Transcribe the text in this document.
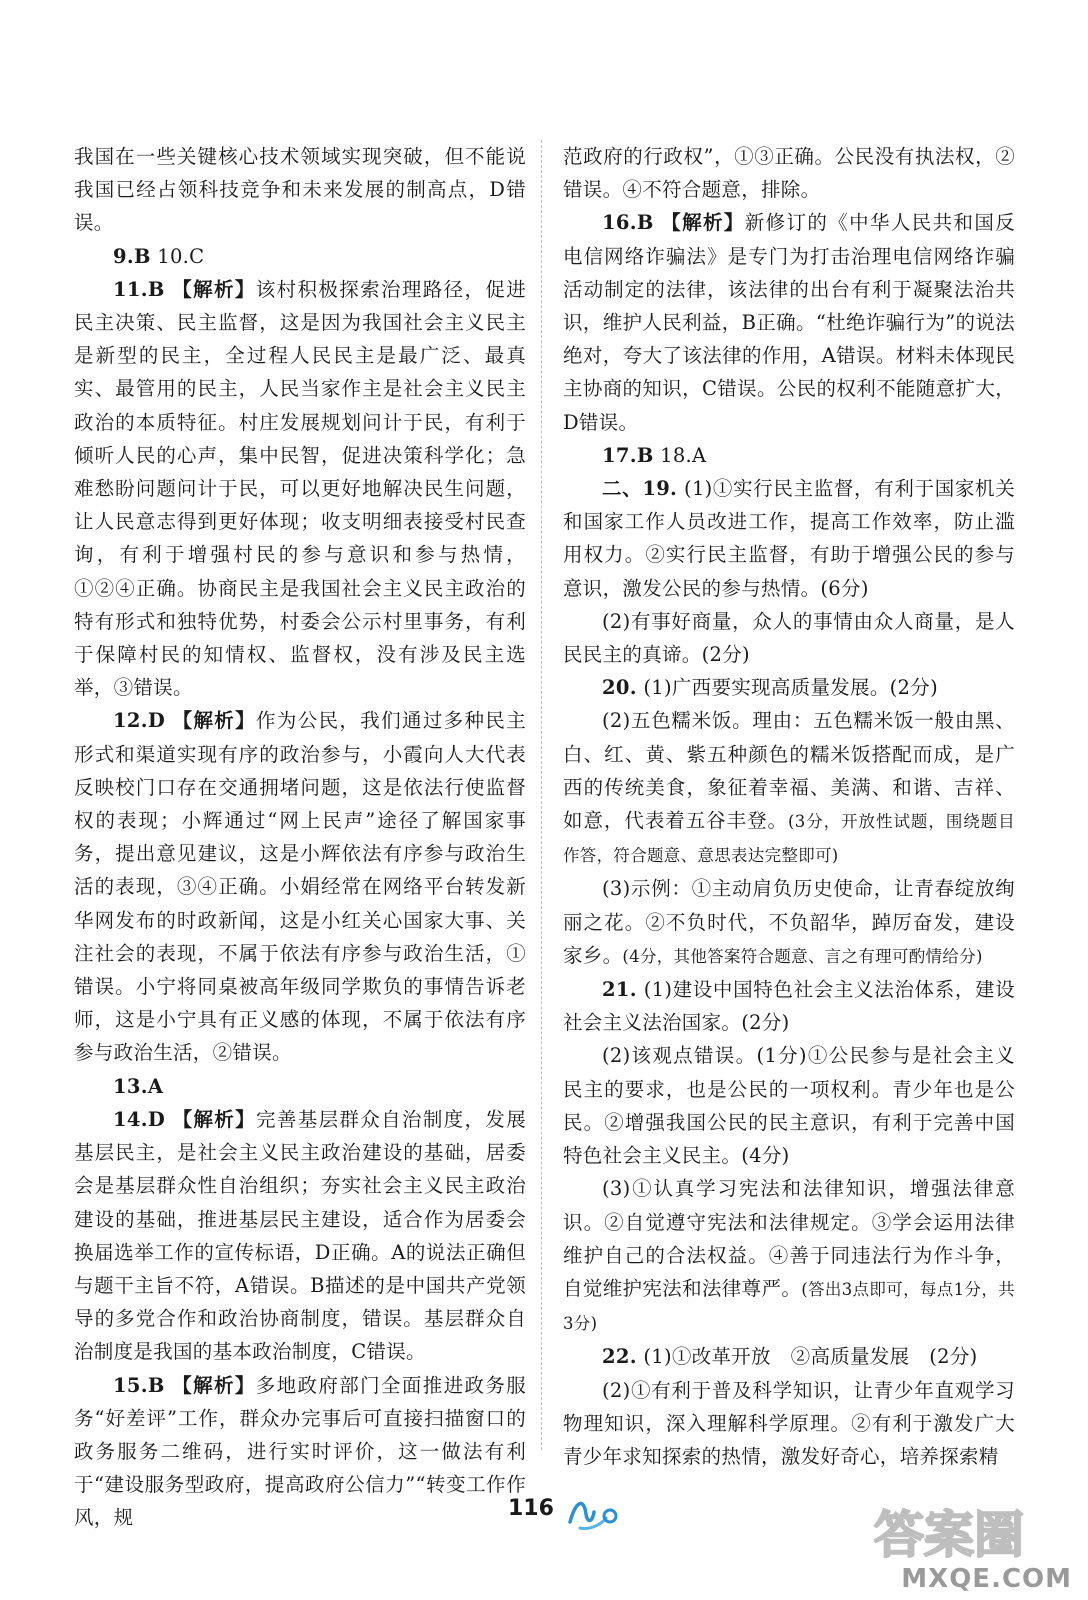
我国在一些关键核心技术领域实现突破，但不能说我国已经占领科技竞争和未来发展的制高点，D错误。

9.B 10.C

11.B 【解析】该村积极探索治理路径，促进民主决策、民主监督，这是因为我国社会主义民主是新型的民主，全过程人民民主是最广泛、最真实、最管用的民主，人民当家作主是社会主义民主政治的本质特征。村庄发展规划问计于民，有利于倾听人民的心声，集中民智，促进决策科学化；急难愁盼问题问计于民，可以更好地解决民生问题，让人民意志得到更好体现；收支明细表接受村民查询，有利于增强村民的参与意识和参与热情，①②④正确。协商民主是我国社会主义民主政治的特有形式和独特优势，村委会公示村里事务，有利于保障村民的知情权、监督权，没有涉及民主选举，③错误。

12.D 【解析】作为公民，我们通过多种民主形式和渠道实现有序的政治参与，小霞向人大代表反映校门口存在交通拥堵问题，这是依法行使监督权的表现；小辉通过“网上民声”途径了解国家事务，提出意见建议，这是小辉依法有序参与政治生活的表现，③④正确。小娟经常在网络平台转发新华网发布的时政新闻，这是小红关心国家大事、关注社会的表现，不属于依法有序参与政治生活，①错误。小宁将同桌被高年级同学欺负的事情告诉老师，这是小宁具有正义感的体现，不属于依法有序参与政治生活，②错误。

13.A

14.D 【解析】完善基层群众自治制度，发展基层民主，是社会主义民主政治建设的基础，居委会是基层群众性自治组织；夯实社会主义民主政治建设的基础，推进基层民主建设，适合作为居委会换届选举工作的宣传标语，D正确。A的说法正确但与题干主旨不符，A错误。B描述的是中国共产党领导的多党合作和政治协商制度，错误。基层群众自治制度是我国的基本政治制度，C错误。

15.B 【解析】多地政府部门全面推进政务服务“好差评”工作，群众办完事后可直接扫描窗口的政务服务二维码，进行实时评价，这一做法有利于“建设服务型政府，提高政府公信力”“转变工作作风，规

范政府的行政权”，①③正确。公民没有执法权，②错误。④不符合题意，排除。

16.B 【解析】新修订的《中华人民共和国反电信网络诈骗法》是专门为打击治理电信网络诈骗活动制定的法律，该法律的出台有利于凝聚法治共识，维护人民利益，B正确。“杜绝诈骗行为”的说法绝对，夸大了该法律的作用，A错误。材料未体现民主协商的知识，C错误。公民的权利不能随意扩大，D错误。

17.B 18.A

二、19. (1)①实行民主监督，有利于国家机关和国家工作人员改进工作，提高工作效率，防止滥用权力。②实行民主监督，有助于增强公民的参与意识，激发公民的参与热情。(6分)

(2)有事好商量，众人的事情由众人商量，是人民民主的真谛。(2分)

20. (1)广西要实现高质量发展。(2分)

(2)五色糯米饭。理由：五色糯米饭一般由黑、白、红、黄、紫五种颜色的糯米饭搭配而成，是广西的传统美食，象征着幸福、美满、和谐、吉祥、如意，代表着五谷丰登。(3分，开放性试题，围绕题目作答，符合题意、意思表达完整即可)

(3)示例：①主动肩负历史使命，让青春绽放绚丽之花。②不负时代，不负韶华，踔厉奋发，建设家乡。(4分，其他答案符合题意、言之有理可酌情给分)

21. (1)建设中国特色社会主义法治体系，建设社会主义法治国家。(2分)

(2)该观点错误。(1分)①公民参与是社会主义民主的要求，也是公民的一项权利。青少年也是公民。②增强我国公民的民主意识，有利于完善中国特色社会主义民主。(4分)

(3)①认真学习宪法和法律知识，增强法律意识。②自觉遵守宪法和法律规定。③学会运用法律维护自己的合法权益。④善于同违法行为作斗争，自觉维护宪法和法律尊严。(答出3点即可，每点1分，共3分)

22. (1)①改革开放　②高质量发展　(2分)

(2)①有利于普及科学知识，让青少年直观学习物理知识，深入理解科学原理。②有利于激发广大青少年求知探索的热情，激发好奇心，培养探索精

116	答案圈
MXQE.COM
